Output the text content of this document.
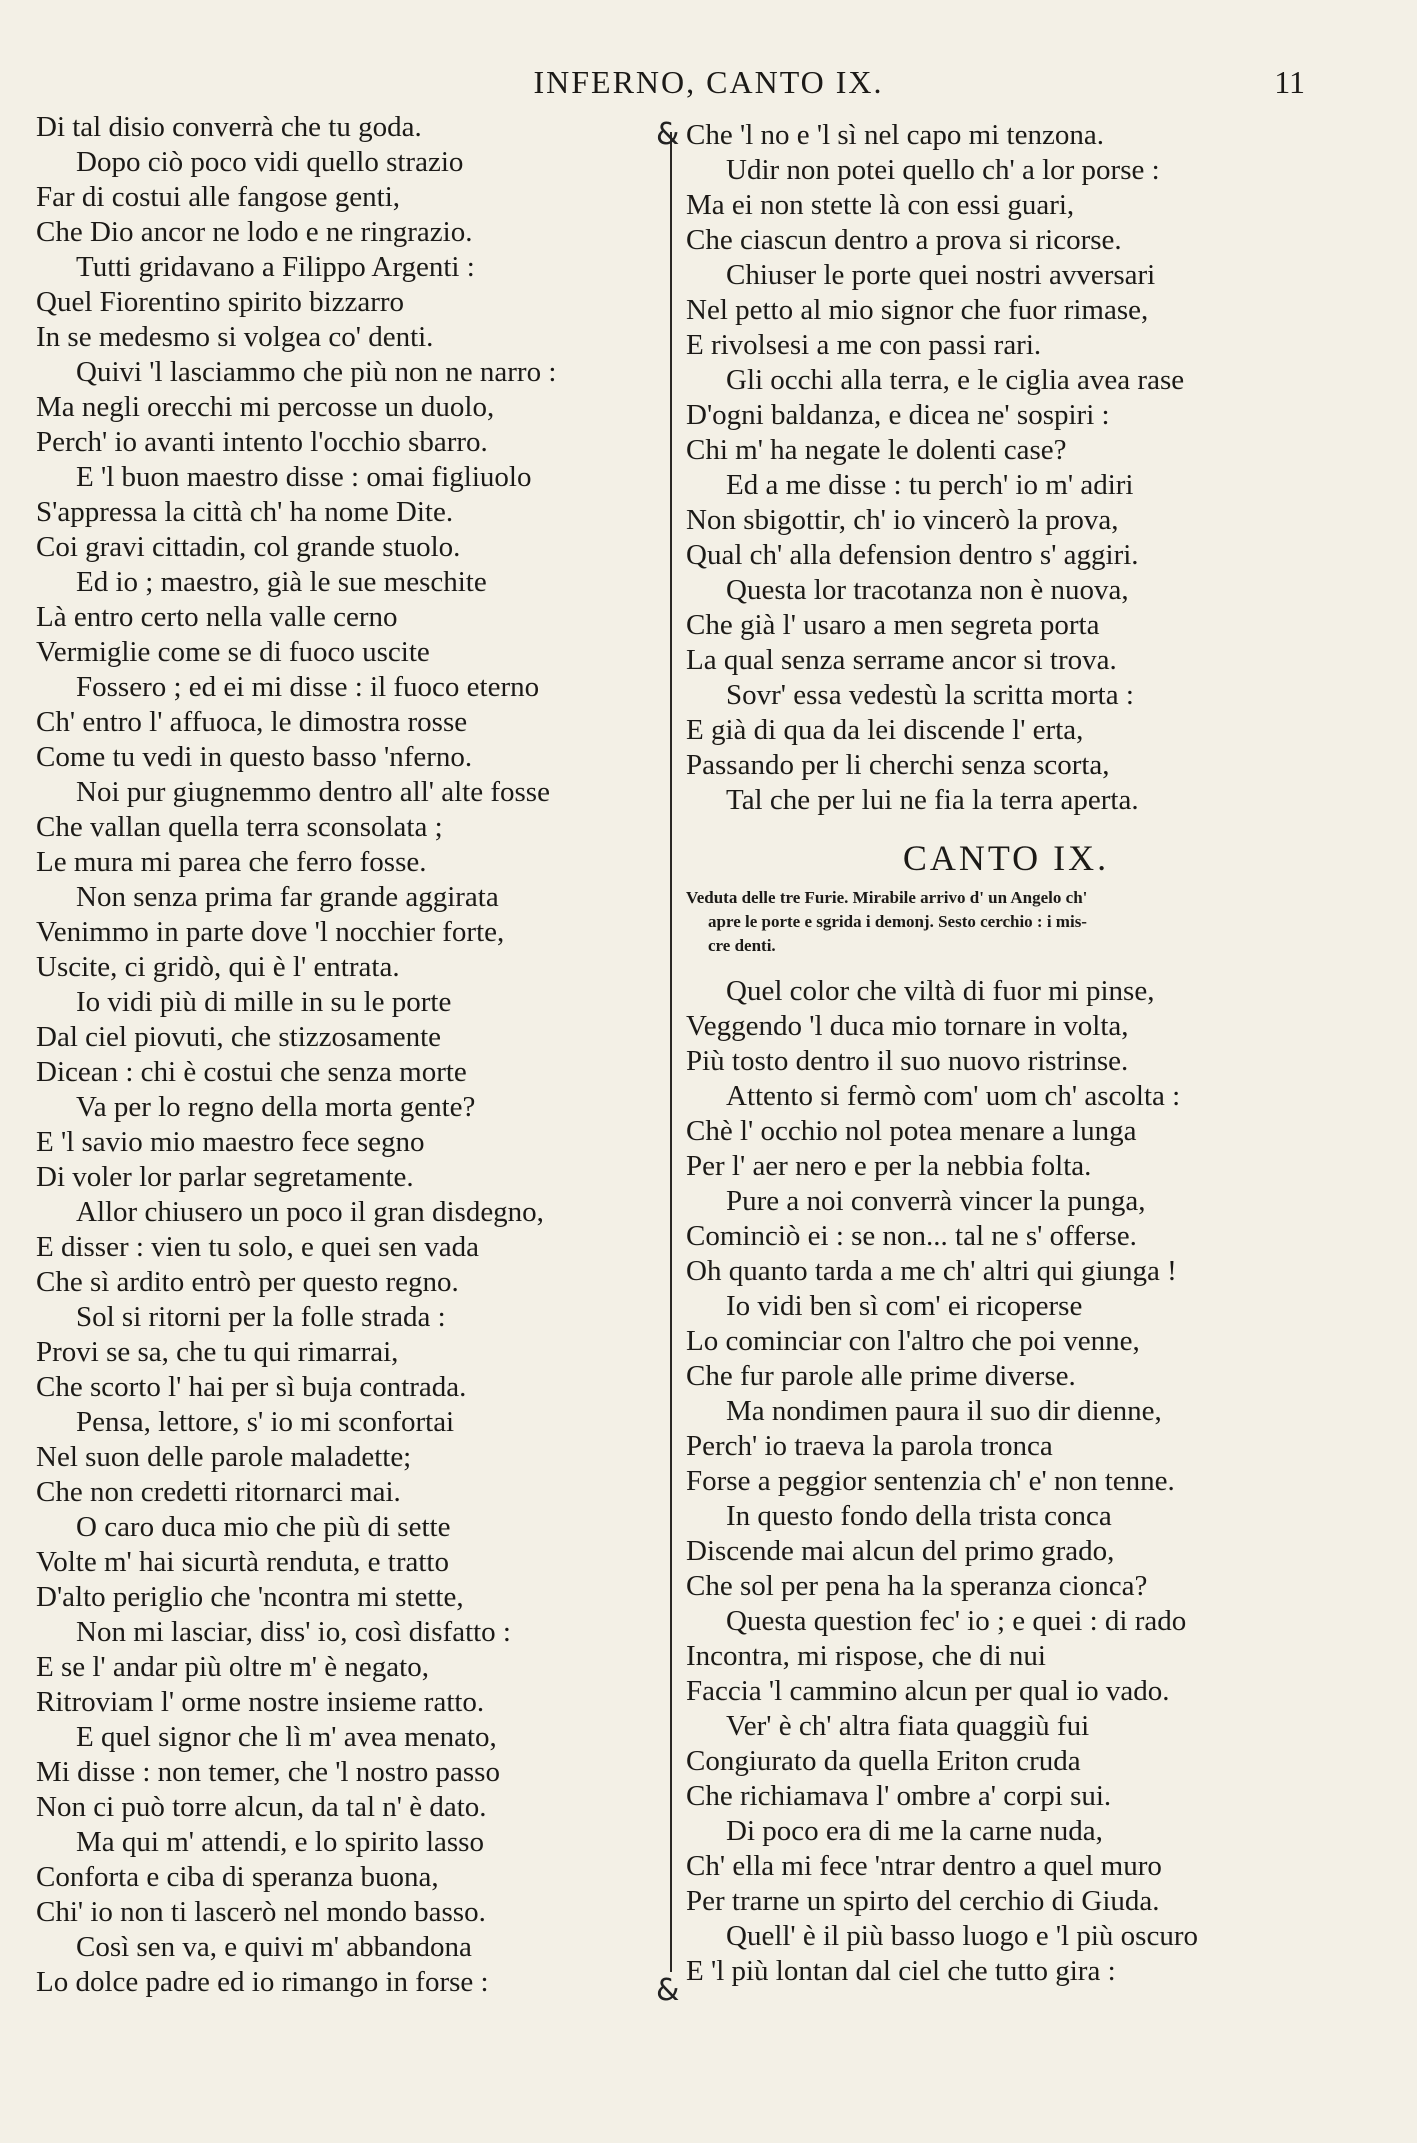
INFERNO, CANTO IX.	11
Di tal disio converrà che tu goda.
Dopo ciò poco vidi quello strazio
Far di costui alle fangose genti,
Che Dio ancor ne lodo e ne ringrazio.
Tutti gridavano a Filippo Argenti :
Quel Fiorentino spirito bizzarro
In se medesmo si volgea co' denti.
Quivi 'l lasciammo che più non ne narro :
Ma negli orecchi mi percosse un duolo,
Perch' io avanti intento l'occhio sbarro.
E 'l buon maestro disse : omai figliuolo
S'appressa la città ch' ha nome Dite.
Coi gravi cittadin, col grande stuolo.
Ed io ; maestro, già le sue meschite
Là entro certo nella valle cerno
Vermiglie come se di fuoco uscite
Fossero ; ed ei mi disse : il fuoco eterno
Ch' entro l' affuoca, le dimostra rosse
Come tu vedi in questo basso 'nferno.
Noi pur giugnemmo dentro all' alte fosse
Che vallan quella terra sconsolata ;
Le mura mi parea che ferro fosse.
Non senza prima far grande aggirata
Venimmo in parte dove 'l nocchier forte,
Uscite, ci gridò, qui è l' entrata.
Io vidi più di mille in su le porte
Dal ciel piovuti, che stizzosamente
Dicean : chi è costui che senza morte
Va per lo regno della morta gente?
E 'l savio mio maestro fece segno
Di voler lor parlar segretamente.
Allor chiusero un poco il gran disdegno,
E disser : vien tu solo, e quei sen vada
Che sì ardito entrò per questo regno.
Sol si ritorni per la folle strada :
Provi se sa, che tu qui rimarrai,
Che scorto l' hai per sì buja contrada.
Pensa, lettore, s' io mi sconfortai
Nel suon delle parole maladette;
Che non credetti ritornarci mai.
O caro duca mio che più di sette
Volte m' hai sicurtà renduta, e tratto
D'alto periglio che 'ncontra mi stette,
Non mi lasciar, diss' io, così disfatto :
E se l' andar più oltre m' è negato,
Ritroviam l' orme nostre insieme ratto.
E quel signor che lì m' avea menato,
Mi disse : non temer, che 'l nostro passo
Non ci può torre alcun, da tal n' è dato.
Ma qui m' attendi, e lo spirito lasso
Conforta e ciba di speranza buona,
Chi' io non ti lascerò nel mondo basso.
Così sen va, e quivi m' abbandona
Lo dolce padre ed io rimango in forse :
&
&
Che 'l no e 'l sì nel capo mi tenzona.
Udir non potei quello ch' a lor porse :
Ma ei non stette là con essi guari,
Che ciascun dentro a prova si ricorse.
Chiuser le porte quei nostri avversari
Nel petto al mio signor che fuor rimase,
E rivolsesi a me con passi rari.
Gli occhi alla terra, e le ciglia avea rase
D'ogni baldanza, e dicea ne' sospiri :
Chi m' ha negate le dolenti case?
Ed a me disse : tu perch' io m' adiri
Non sbigottir, ch' io vincerò la prova,
Qual ch' alla defension dentro s' aggiri.
Questa lor tracotanza non è nuova,
Che già l' usaro a men segreta porta
La qual senza serrame ancor si trova.
Sovr' essa vedestù la scritta morta :
E già di qua da lei discende l' erta,
Passando per li cherchi senza scorta,
Tal che per lui ne fia la terra aperta.
CANTO IX.
Veduta delle tre Furie. Mirabile arrivo d' un Angelo ch'
apre le porte e sgrida i demonj. Sesto cerchio : i mis-
cre denti.
Quel color che viltà di fuor mi pinse,
Veggendo 'l duca mio tornare in volta,
Più tosto dentro il suo nuovo ristrinse.
Attento si fermò com' uom ch' ascolta :
Chè l' occhio nol potea menare a lunga
Per l' aer nero e per la nebbia folta.
Pure a noi converrà vincer la punga,
Cominciò ei : se non... tal ne s' offerse.
Oh quanto tarda a me ch' altri qui giunga !
Io vidi ben sì com' ei ricoperse
Lo cominciar con l'altro che poi venne,
Che fur parole alle prime diverse.
Ma nondimen paura il suo dir dienne,
Perch' io traeva la parola tronca
Forse a peggior sentenzia ch' e' non tenne.
In questo fondo della trista conca
Discende mai alcun del primo grado,
Che sol per pena ha la speranza cionca?
Questa question fec' io ; e quei : di rado
Incontra, mi rispose, che di nui
Faccia 'l cammino alcun per qual io vado.
Ver' è ch' altra fiata quaggiù fui
Congiurato da quella Eriton cruda
Che richiamava l' ombre a' corpi sui.
Di poco era di me la carne nuda,
Ch' ella mi fece 'ntrar dentro a quel muro
Per trarne un spirto del cerchio di Giuda.
Quell' è il più basso luogo e 'l più oscuro
E 'l più lontan dal ciel che tutto gira :
